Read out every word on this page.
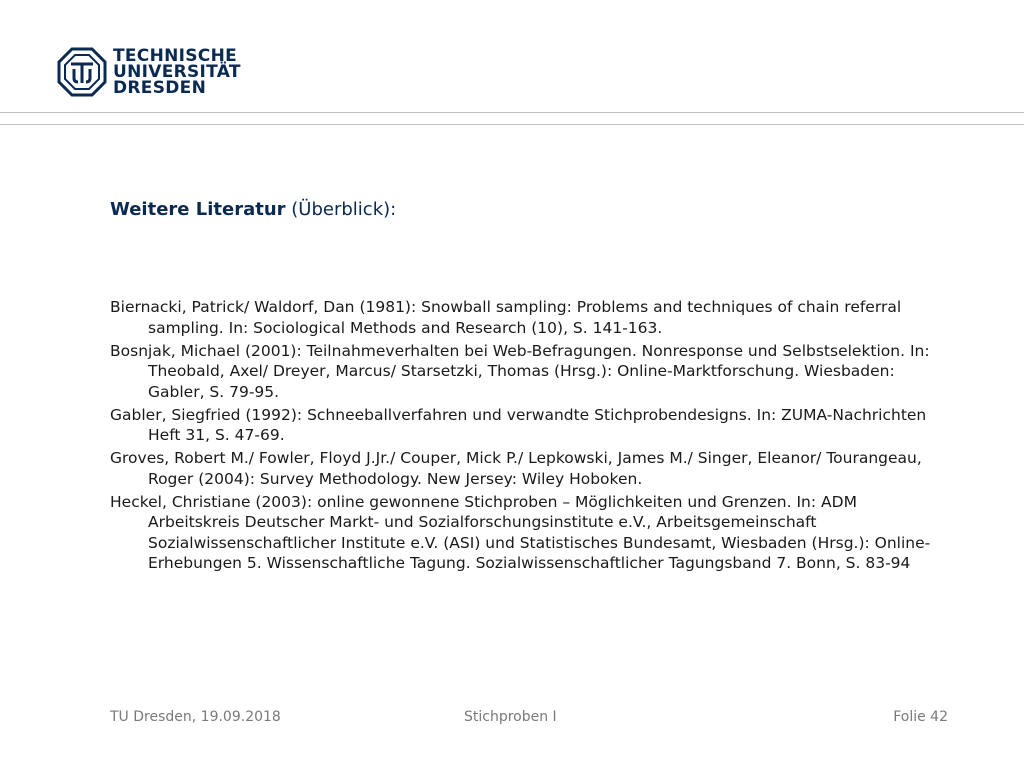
TECHNISCHE
UNIVERSITÄT
DRESDEN
Weitere Literatur (Überblick):
Biernacki, Patrick/ Waldorf, Dan (1981): Snowball sampling: Problems and techniques of chain referral sampling. In: Sociological Methods and Research (10), S. 141-163.
Bosnjak, Michael (2001): Teilnahmeverhalten bei Web-Befragungen. Nonresponse und Selbstselektion. In: Theobald, Axel/ Dreyer, Marcus/ Starsetzki, Thomas (Hrsg.): Online-Marktforschung. Wiesbaden: Gabler, S. 79-95.
Gabler, Siegfried (1992): Schneeballverfahren und verwandte Stichprobendesigns. In: ZUMA-Nachrichten Heft 31, S. 47-69.
Groves, Robert M./ Fowler, Floyd J.Jr./ Couper, Mick P./ Lepkowski, James M./ Singer, Eleanor/ Tourangeau, Roger (2004): Survey Methodology. New Jersey: Wiley Hoboken.
Heckel, Christiane (2003): online gewonnene Stichproben – Möglichkeiten und Grenzen. In: ADM Arbeitskreis Deutscher Markt- und Sozialforschungsinstitute e.V., Arbeitsgemeinschaft Sozialwissenschaftlicher Institute e.V. (ASI) und Statistisches Bundesamt, Wiesbaden (Hrsg.): Online-Erhebungen 5. Wissenschaftliche Tagung. Sozialwissenschaftlicher Tagungsband 7. Bonn, S. 83-94
TU Dresden, 19.09.2018	Stichproben I	Folie 42
